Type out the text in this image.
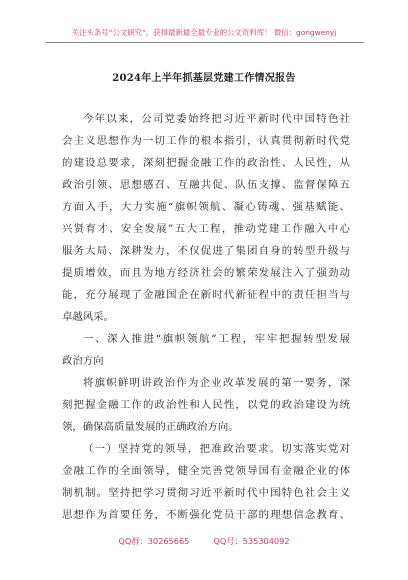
关注头条号“公文研究”，获得最新最全最专业的公文资料库！ 微信：gongwenyj
2024年上半年抓基层党建工作情况报告
今年以来，公司党委始终把习近平新时代中国特色社
会主义思想作为一切工作的根本指引，认真贯彻新时代党
的建设总要求，深刻把握金融工作的政治性、人民性，从
政治引领、思想感召、互融共促、队伍支撑、监督保障五
方面入手，大力实施“旗帜领航、凝心铸魂、强基赋能、
兴贤育才、安全发展”五大工程，推动党建工作融入中心
服务大局、深耕发力，不仅促进了集团自身的转型升级与
提质增效，而且为地方经济社会的繁荣发展注入了强劲动
能，充分展现了金融国企在新时代新征程中的责任担当与
卓越风采。
一、深入推进“旗帜领航”工程，牢牢把握转型发展
政治方向
将旗帜鲜明讲政治作为企业改革发展的第一要务，深
刻把握金融工作的政治性和人民性，以党的政治建设为统
领，确保高质量发展的正确政治方向。
（一）坚持党的领导，把准政治要求。切实落实党对
金融工作的全面领导，健全完善党领导国有金融企业的体
制机制。坚持把学习贯彻习近平新时代中国特色社会主义
思想作为首要任务，不断强化党员干部的理想信念教育、
QQ群：30265665	QQ号：535304092
